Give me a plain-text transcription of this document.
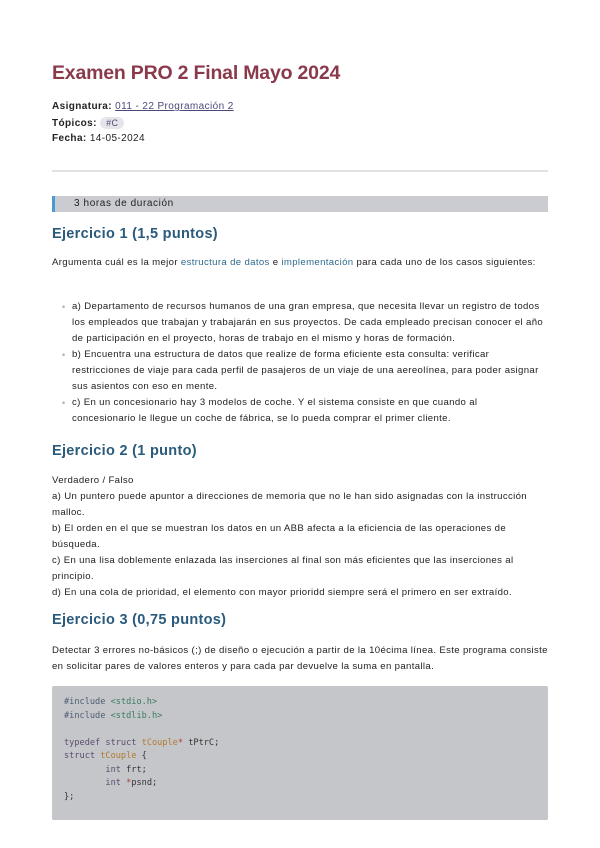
Examen PRO 2 Final Mayo 2024
Asignatura: 011 - 22 Programación 2
Tópicos: #C
Fecha: 14-05-2024
3 horas de duración
Ejercicio 1 (1,5 puntos)
Argumenta cuál es la mejor estructura de datos e implementación para cada uno de los casos siguientes:
• a) Departamento de recursos humanos de una gran empresa, que necesita llevar un registro de todos los empleados que trabajan y trabajarán en sus proyectos. De cada empleado precisan conocer el año de participación en el proyecto, horas de trabajo en el mismo y horas de formación.
• b) Encuentra una estructura de datos que realize de forma eficiente esta consulta: verificar restricciones de viaje para cada perfil de pasajeros de un viaje de una aereolínea, para poder asignar sus asientos con eso en mente.
• c) En un concesionario hay 3 modelos de coche. Y el sistema consiste en que cuando al concesionario le llegue un coche de fábrica, se lo pueda comprar el primer cliente.
Ejercicio 2 (1 punto)
Verdadero / Falso
a) Un puntero puede apuntor a direcciones de memoria que no le han sido asignadas con la instrucción malloc.
b) El orden en el que se muestran los datos en un ABB afecta a la eficiencia de las operaciones de búsqueda.
c) En una lisa doblemente enlazada las inserciones al final son más eficientes que las inserciones al principio.
d) En una cola de prioridad, el elemento con mayor prioridd siempre será el primero en ser extraído.
Ejercicio 3 (0,75 puntos)
Detectar 3 errores no-básicos (;) de diseño o ejecución a partir de la 10écima línea. Este programa consiste en solicitar pares de valores enteros y para cada par devuelve la suma en pantalla.
#include <stdio.h>
#include <stdlib.h>

typedef struct tCouple* tPtrC;
struct tCouple {
int frt;
int *psnd;
};
